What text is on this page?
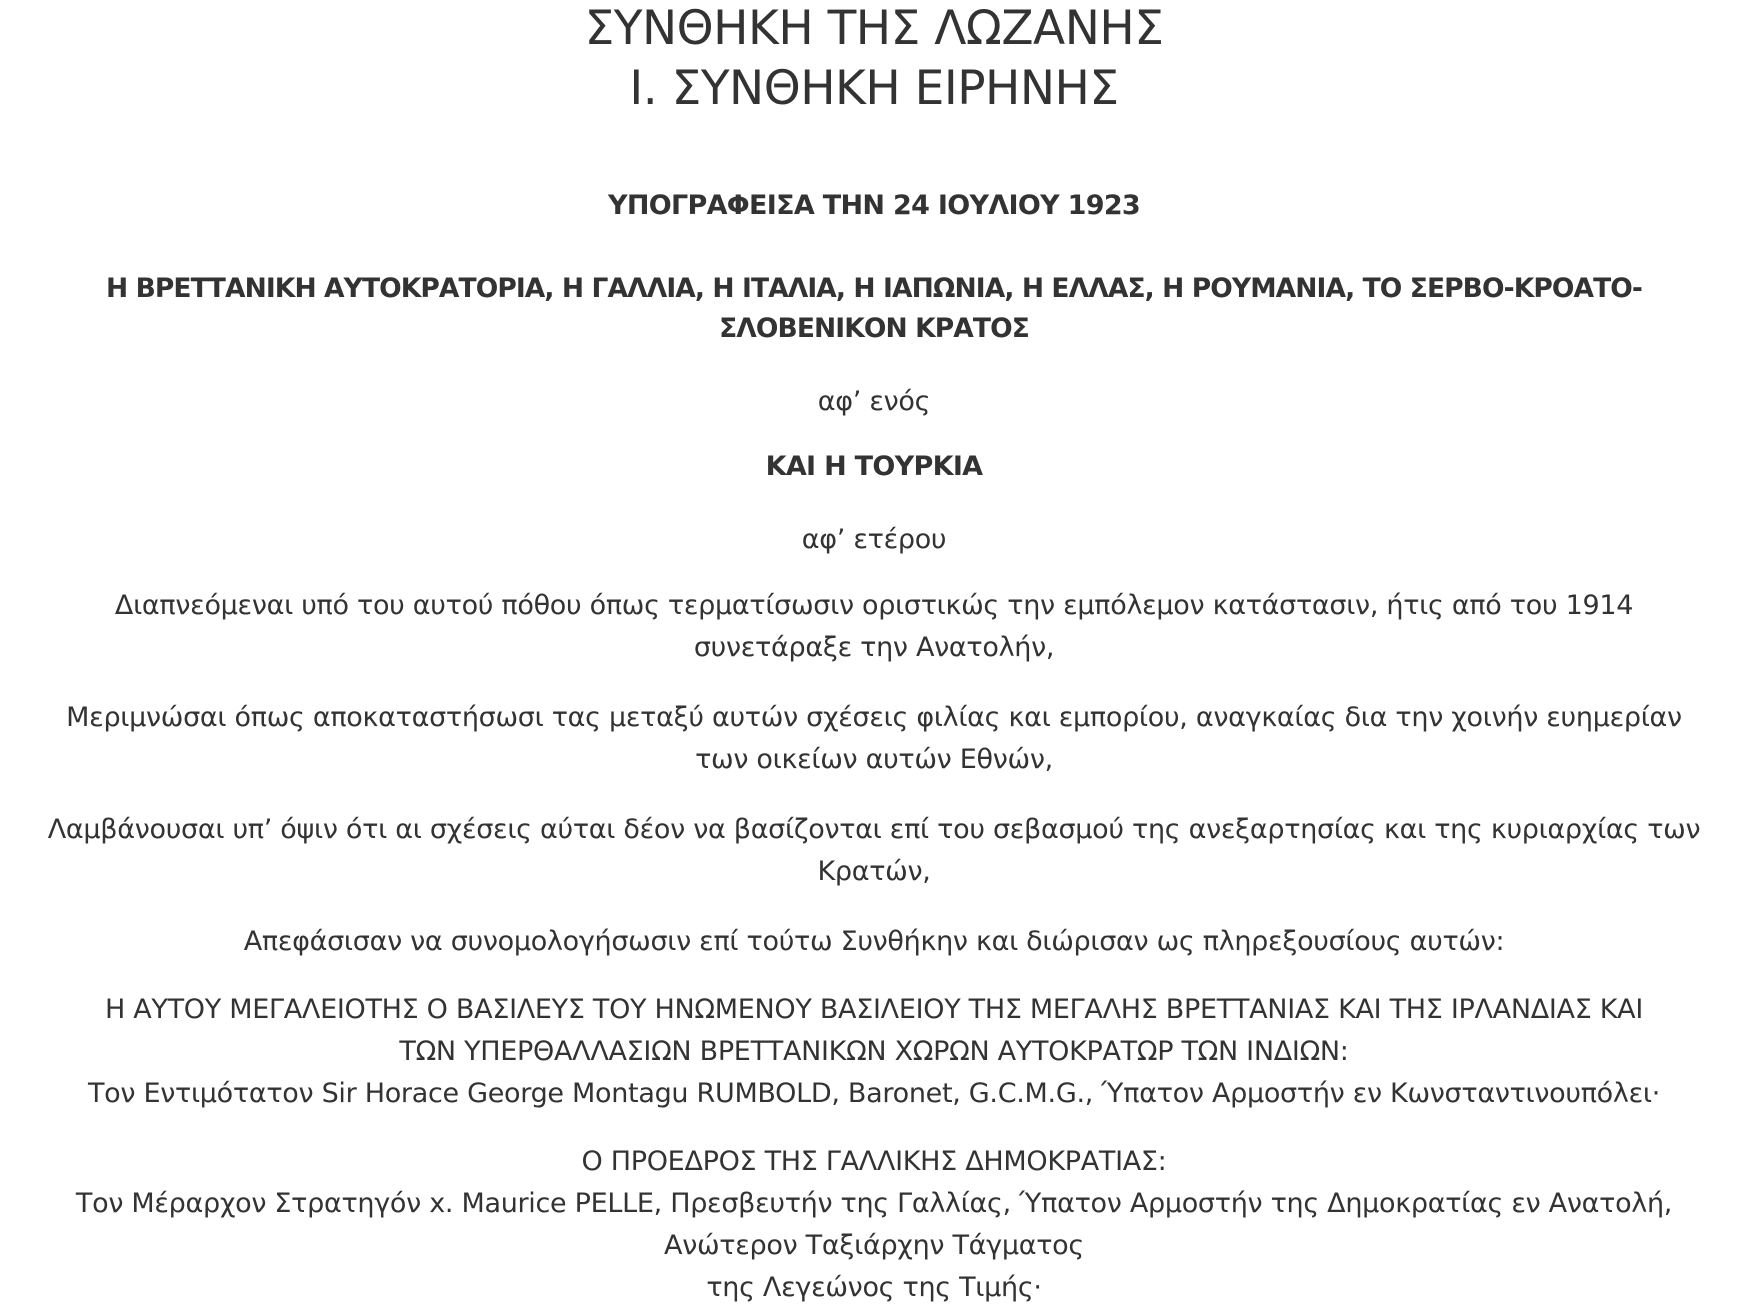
ΣΥΝΘΗΚΗ ΤΗΣ ΛΩΖΑΝΗΣ
Ι. ΣΥΝΘΗΚΗ ΕΙΡΗΝΗΣ
ΥΠΟΓΡΑΦΕΙΣΑ ΤΗΝ 24 ΙΟΥΛΙΟΥ 1923
Η ΒΡΕΤΤΑΝΙΚΗ ΑΥΤΟΚΡΑΤΟΡΙΑ, Η ΓΑΛΛΙΑ, Η ΙΤΑΛΙΑ, Η ΙΑΠΩΝΙΑ, Η ΕΛΛΑΣ, Η ΡΟΥΜΑΝΙΑ, ΤΟ ΣΕΡΒΟ-ΚΡΟΑΤΟ-ΣΛΟΒΕΝΙΚΟΝ ΚΡΑΤΟΣ
αφ’ ενός
ΚΑΙ Η ΤΟΥΡΚΙΑ
αφ’ ετέρου
Διαπνεόμεναι υπό του αυτού πόθου όπως τερματίσωσιν οριστικώς την εμπόλεμον κατάστασιν, ήτις από του 1914 συνετάραξε την Ανατολήν,
Μεριμνώσαι όπως αποκαταστήσωσι τας μεταξύ αυτών σχέσεις φιλίας και εμπορίου, αναγκαίας δια την χοινήν ευημερίαν των οικείων αυτών Εθνών,
Λαμβάνουσαι υπ’ όψιν ότι αι σχέσεις αύται δέον να βασίζονται επί του σεβασμού της ανεξαρτησίας και της κυριαρχίας των Κρατών,
Απεφάσισαν να συνομολογήσωσιν επί τούτω Συνθήκην και διώρισαν ως πληρεξουσίους αυτών:
Η ΑΥΤΟΥ ΜΕΓΑΛΕΙΟΤΗΣ Ο ΒΑΣΙΛΕΥΣ ΤΟΥ ΗΝΩΜΕΝΟΥ ΒΑΣΙΛΕΙΟΥ ΤΗΣ ΜΕΓΑΛΗΣ ΒΡΕΤΤΑΝΙΑΣ ΚΑΙ ΤΗΣ ΙΡΛΑΝΔΙΑΣ ΚΑΙ ΤΩΝ ΥΠΕΡΘΑΛΛΑΣΙΩΝ ΒΡΕΤΤΑΝΙΚΩΝ ΧΩΡΩΝ ΑΥΤΟΚΡΑΤΩΡ ΤΩΝ ΙΝΔΙΩΝ:
Τον Εντιμότατον Sir Horace George Montagu RUMBOLD, Baronet, G.C.M.G., Ύπατον Αρμοστήν εν Κωνσταντινουπόλει·
Ο ΠΡΟΕΔΡΟΣ ΤΗΣ ΓΑΛΛΙΚΗΣ ΔΗΜΟΚΡΑΤΙΑΣ:
Τον Μέραρχον Στρατηγόν x. Maurice PELLE, Πρεσβευτήν της Γαλλίας, Ύπατον Αρμοστήν της Δημοκρατίας εν Ανατολή, Ανώτερον Ταξιάρχην Τάγματος
της Λεγεώνος της Τιμής·
